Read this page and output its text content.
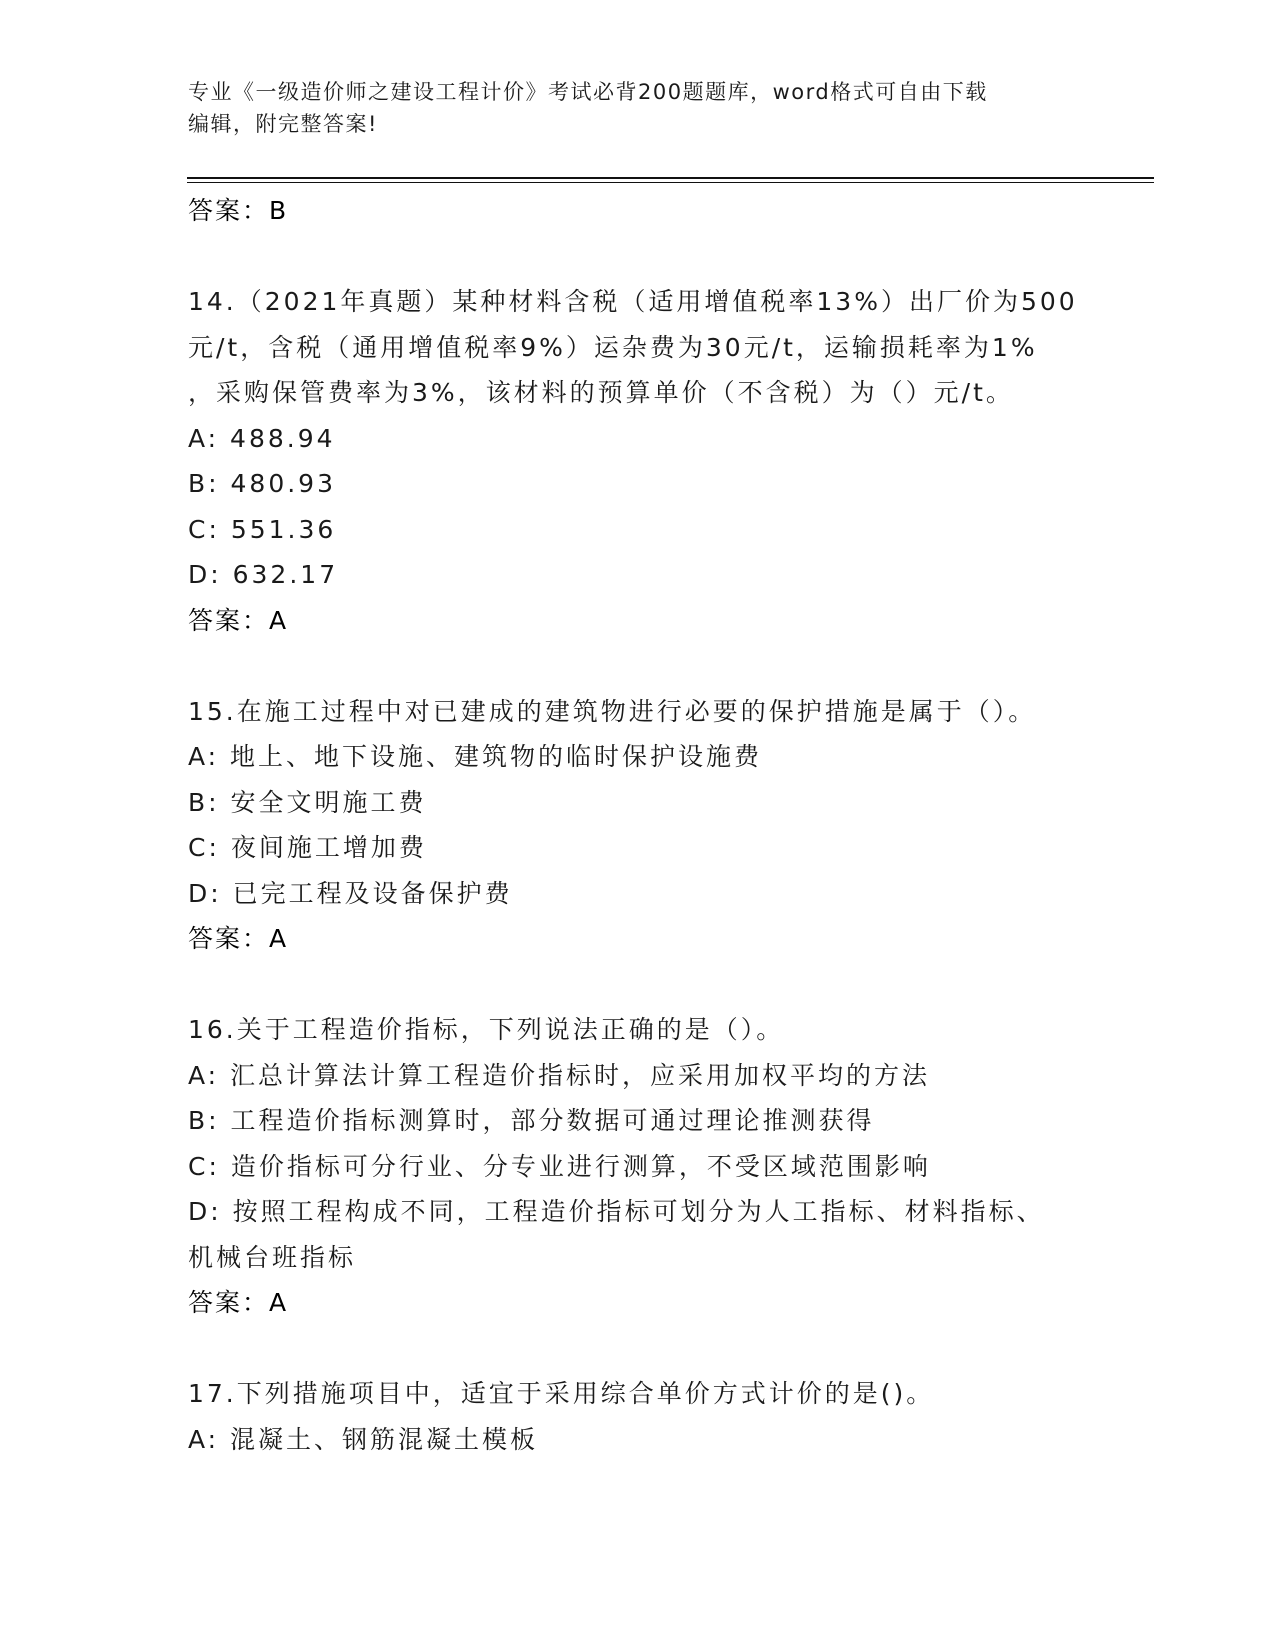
专业《一级造价师之建设工程计价》考试必背200题题库，word格式可自由下载
编辑，附完整答案!
答案：B
14.（2021年真题）某种材料含税（适用增值税率13%）出厂价为500
元/t，含税（通用增值税率9%）运杂费为30元/t，运输损耗率为1%
，采购保管费率为3%，该材料的预算单价（不含税）为（）元/t。
A: 488.94
B: 480.93
C: 551.36
D: 632.17
答案：A
15.在施工过程中对已建成的建筑物进行必要的保护措施是属于（）。
A: 地上、地下设施、建筑物的临时保护设施费
B: 安全文明施工费
C: 夜间施工增加费
D: 已完工程及设备保护费
答案：A
16.关于工程造价指标，下列说法正确的是（）。
A: 汇总计算法计算工程造价指标时，应采用加权平均的方法
B: 工程造价指标测算时，部分数据可通过理论推测获得
C: 造价指标可分行业、分专业进行测算，不受区域范围影响
D: 按照工程构成不同，工程造价指标可划分为人工指标、材料指标、
机械台班指标
答案：A
17.下列措施项目中，适宜于采用综合单价方式计价的是()。
A: 混凝土、钢筋混凝土模板
